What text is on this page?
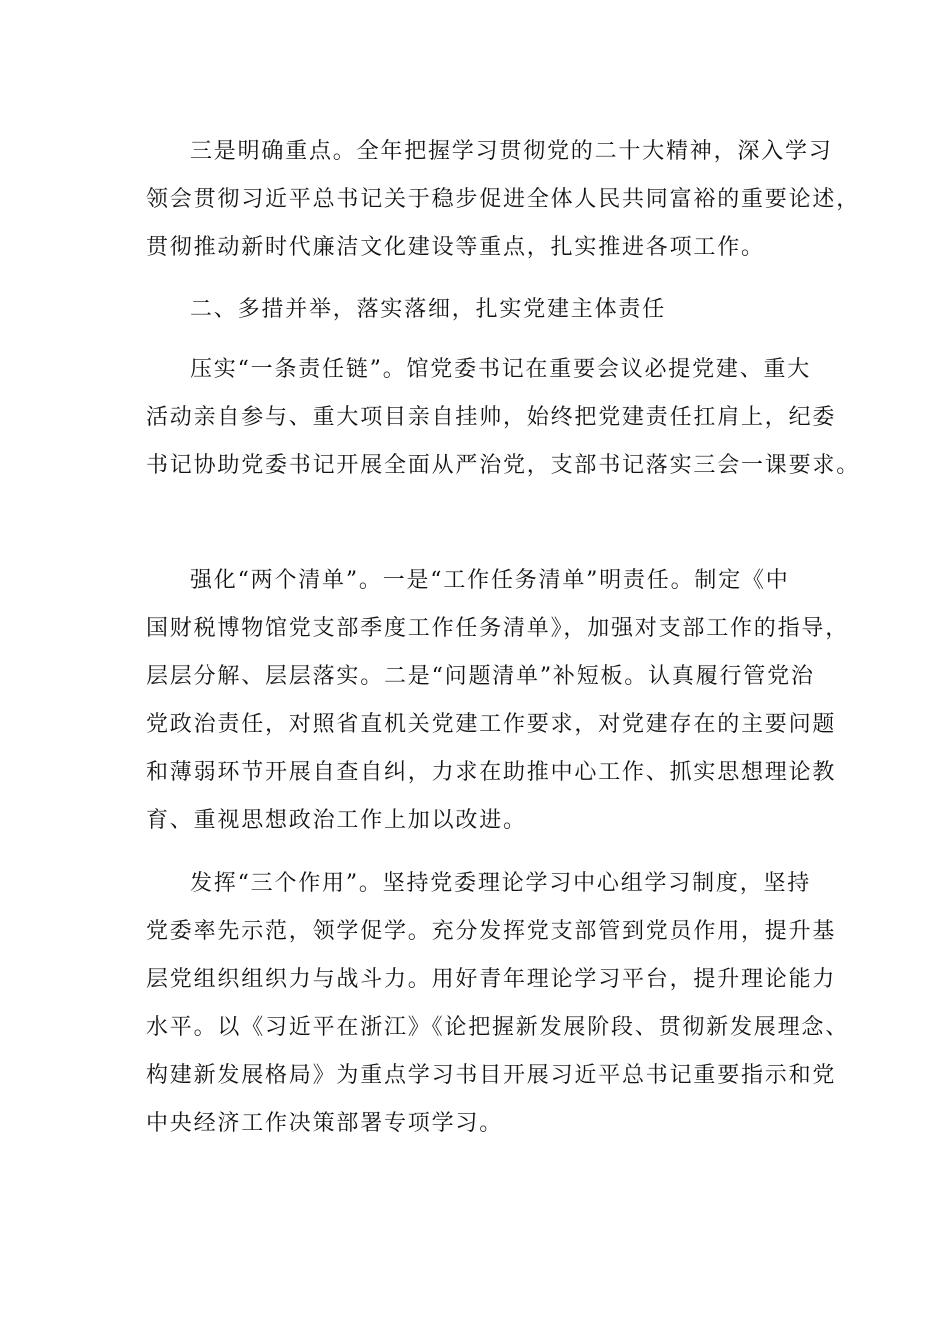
三是明确重点。全年把握学习贯彻党的二十大精神，深入学习
领会贯彻习近平总书记关于稳步促进全体人民共同富裕的重要论述，
贯彻推动新时代廉洁文化建设等重点，扎实推进各项工作。
二、多措并举，落实落细，扎实党建主体责任
压实“一条责任链”。馆党委书记在重要会议必提党建、重大
活动亲自参与、重大项目亲自挂帅，始终把党建责任扛肩上，纪委
书记协助党委书记开展全面从严治党，支部书记落实三会一课要求。
强化“两个清单”。一是“工作任务清单”明责任。制定《中
国财税博物馆党支部季度工作任务清单》，加强对支部工作的指导，
层层分解、层层落实。二是“问题清单”补短板。认真履行管党治
党政治责任，对照省直机关党建工作要求，对党建存在的主要问题
和薄弱环节开展自查自纠，力求在助推中心工作、抓实思想理论教
育、重视思想政治工作上加以改进。
发挥“三个作用”。坚持党委理论学习中心组学习制度，坚持
党委率先示范，领学促学。充分发挥党支部管到党员作用，提升基
层党组织组织力与战斗力。用好青年理论学习平台，提升理论能力
水平。以《习近平在浙江》《论把握新发展阶段、贯彻新发展理念、
构建新发展格局》为重点学习书目开展习近平总书记重要指示和党
中央经济工作决策部署专项学习。
